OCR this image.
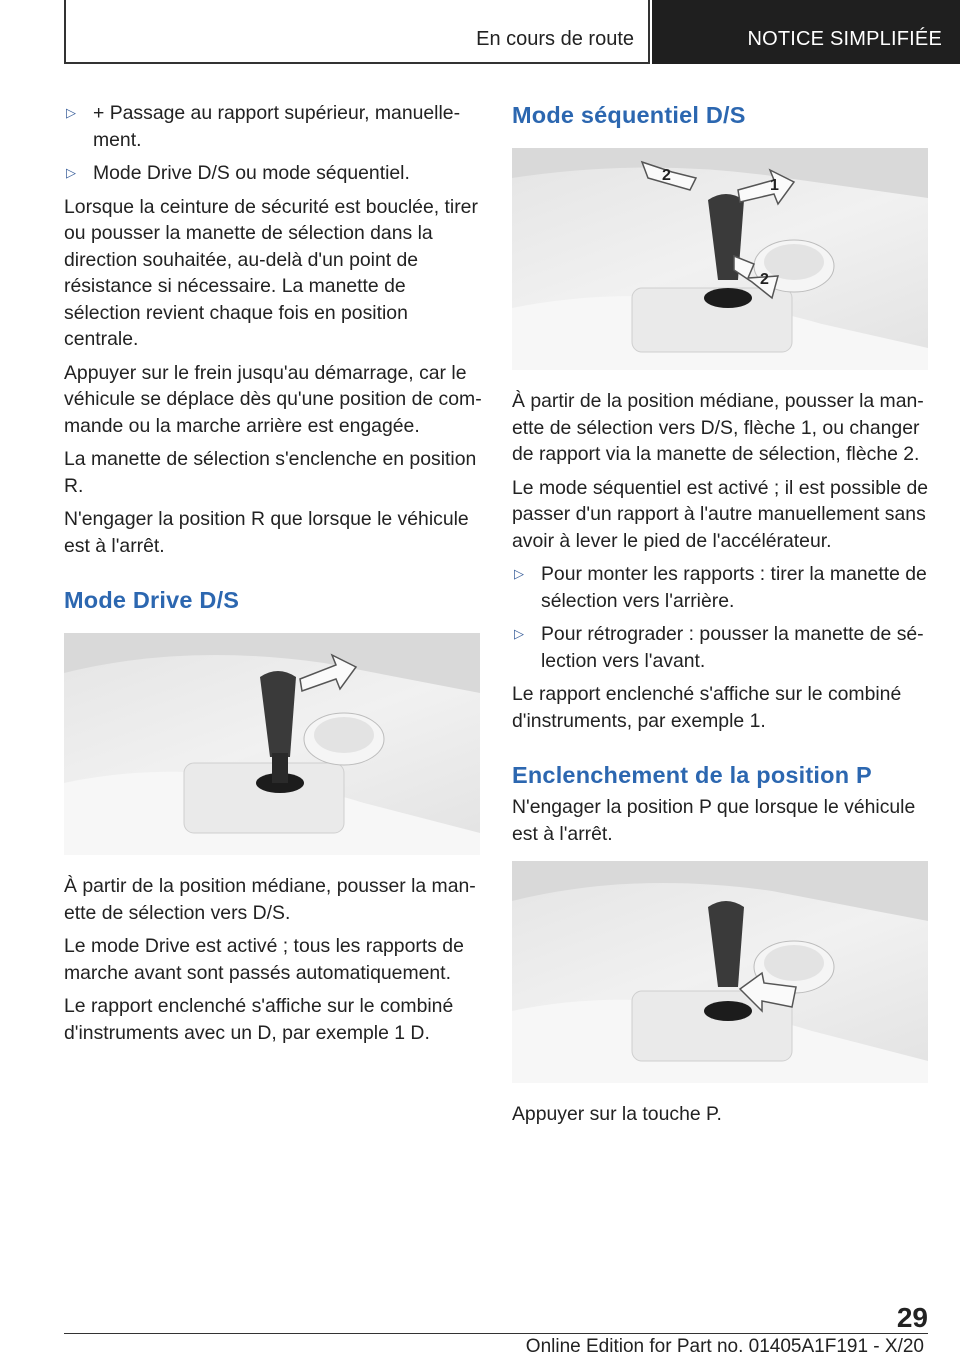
En cours de route	NOTICE SIMPLIFIÉE
▷ + Passage au rapport supérieur, manuellement.
▷ Mode Drive D/S ou mode séquentiel.

Lorsque la ceinture de sécurité est bouclée, tirer ou pousser la manette de sélection dans la direction souhaitée, au-delà d'un point de résistance si nécessaire. La manette de sélection revient chaque fois en position centrale.

Appuyer sur le frein jusqu'au démarrage, car le véhicule se déplace dès qu'une position de commande ou la marche arrière est engagée.

La manette de sélection s'enclenche en position R.

N'engager la position R que lorsque le véhicule est à l'arrêt.

Mode Drive D/S

À partir de la position médiane, pousser la manette de sélection vers D/S.

Le mode Drive est activé ; tous les rapports de marche avant sont passés automatiquement.

Le rapport enclenché s'affiche sur le combiné d'instruments avec un D, par exemple 1 D.

Mode séquentiel D/S
2
1
2

À partir de la position médiane, pousser la manette de sélection vers D/S, flèche 1, ou changer de rapport via la manette de sélection, flèche 2.

Le mode séquentiel est activé ; il est possible de passer d'un rapport à l'autre manuellement sans avoir à lever le pied de l'accélérateur.

▷ Pour monter les rapports : tirer la manette de sélection vers l'arrière.
▷ Pour rétrograder : pousser la manette de sélection vers l'avant.

Le rapport enclenché s'affiche sur le combiné d'instruments, par exemple 1.

Enclenchement de la position P

N'engager la position P que lorsque le véhicule est à l'arrêt.

Appuyer sur la touche P.

29
Online Edition for Part no. 01405A1F191 - X/20
